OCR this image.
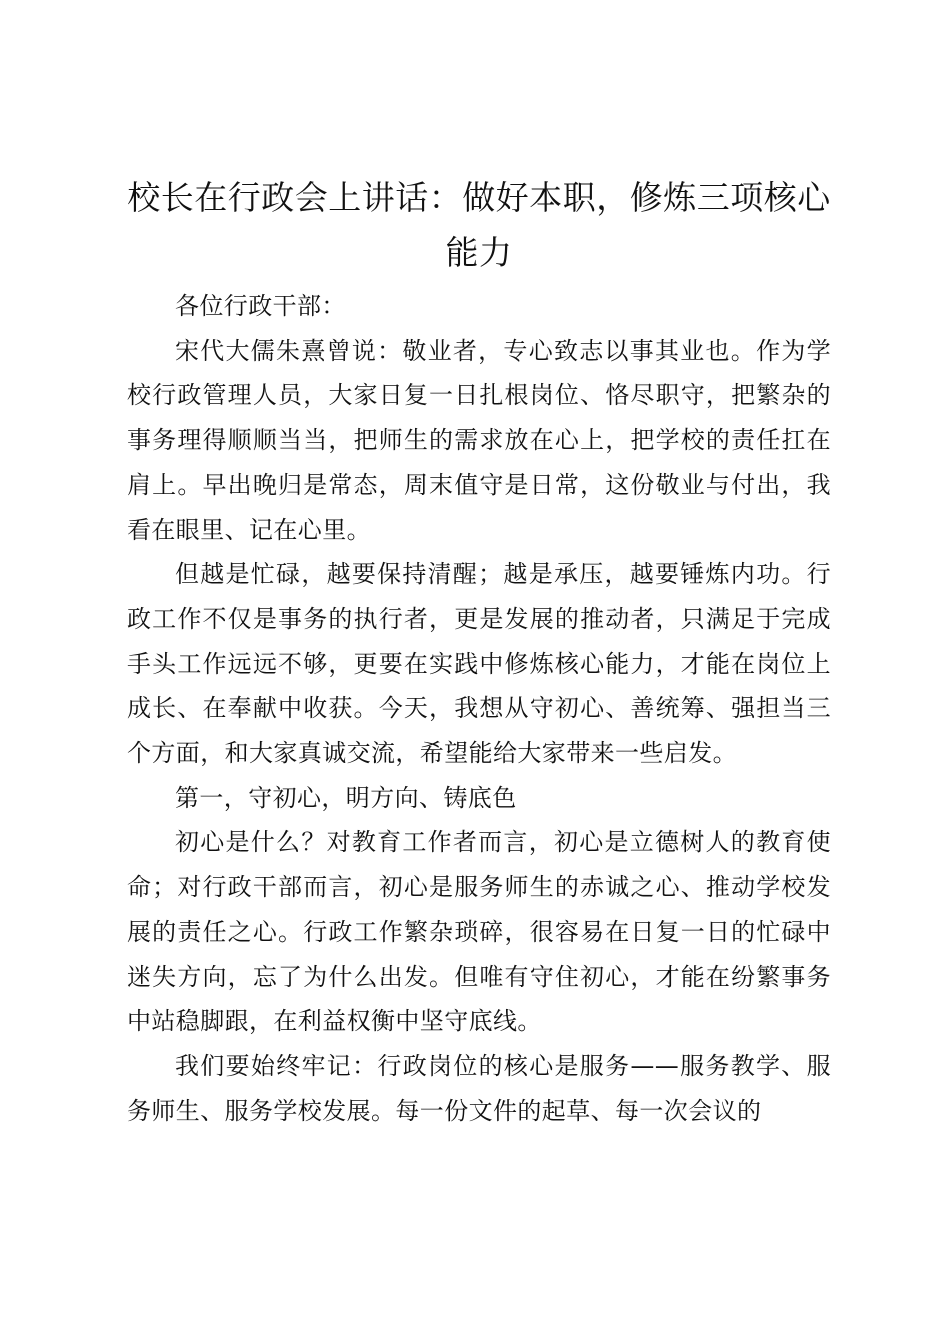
校长在行政会上讲话：做好本职，修炼三项核心能力

各位行政干部：

宋代大儒朱熹曾说：敬业者，专心致志以事其业也。作为学校行政管理人员，大家日复一日扎根岗位、恪尽职守，把繁杂的事务理得顺顺当当，把师生的需求放在心上，把学校的责任扛在肩上。早出晚归是常态，周末值守是日常，这份敬业与付出，我看在眼里、记在心里。

但越是忙碌，越要保持清醒；越是承压，越要锤炼内功。行政工作不仅是事务的执行者，更是发展的推动者，只满足于完成手头工作远远不够，更要在实践中修炼核心能力，才能在岗位上成长、在奉献中收获。今天，我想从守初心、善统筹、强担当三个方面，和大家真诚交流，希望能给大家带来一些启发。

第一，守初心，明方向、铸底色

初心是什么？对教育工作者而言，初心是立德树人的教育使命；对行政干部而言，初心是服务师生的赤诚之心、推动学校发展的责任之心。行政工作繁杂琐碎，很容易在日复一日的忙碌中迷失方向，忘了为什么出发。但唯有守住初心，才能在纷繁事务中站稳脚跟，在利益权衡中坚守底线。

我们要始终牢记：行政岗位的核心是服务——服务教学、服务师生、服务学校发展。每一份文件的起草、每一次会议的
